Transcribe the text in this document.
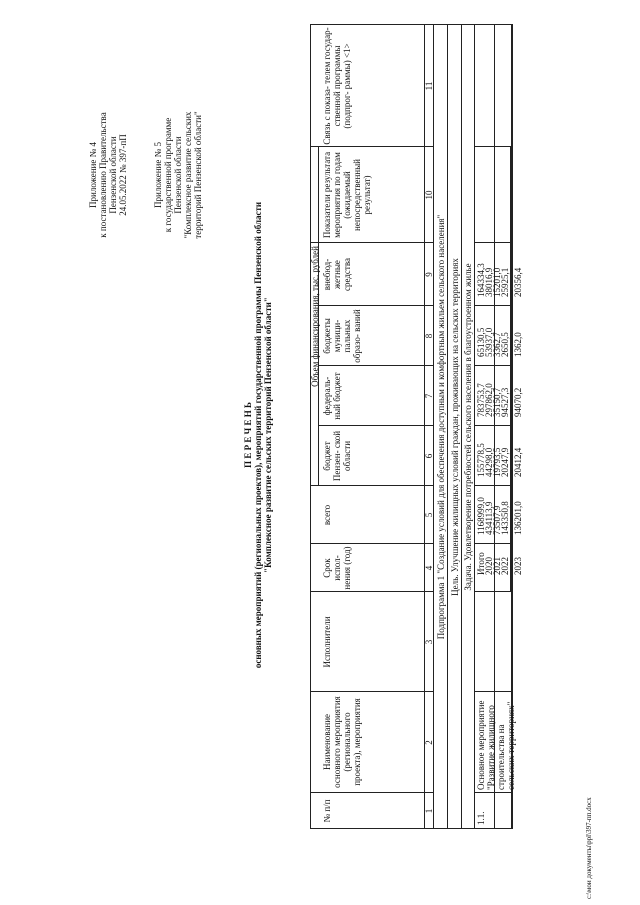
Приложение № 4 к постановлению Правительства Пензенской области 24.05.2022 № 397-пП	Приложение № 5 к государственной программе Пензенской области "Комплексное развитие сельских территорий Пензенской области"
П Е Р Е Ч Е Н Ь основных мероприятий (региональных проектов), мероприятий государственной программы Пензенской области "Комплексное развитие сельских территорий Пензенской области"
№ п/п
Наименование основного мероприятия (регионального проекта), мероприятия
Исполнители
Срок испол- нения (год)
Объем финансирования, тыс. рублей
всего
бюджет Пензен- ской области
федераль- ный бюджет
бюджеты муници- пальных образо- ваний
внебюд- жетные средства
Показатели результата мероприятия по годам (ожидаемый непосредственный результат)
Связь с показа- телем государ- ственной программы (подпрог- раммы) <1>
1
2
3
4
5
6
7
8
9
10
11
Подпрограмма 1 "Создание условий для обеспечения доступным и комфортным жильем сельского населения" Цель. Улучшение жилищных условий граждан, проживающих на сельских территориях Задача. Удовлетворение потребностей сельского населения в благоустроенном жилье
1.1.
Основное мероприятие "Развитие жилищного строительства на сельских территориях"
Итого
1168999,0
155778,5
783753,7
65130,5
164334,3
2020
434113,9
44298,0
297862,0
53937,0
38016,9
2021
73507,9
19793,5
35150,7
3362,7
15201,0
2022
143350,8
20247,9
94527,3
2650,5
25925,1
2023
136201,0
20412,4
94070,2
1362,0
20356,4
c:\мои документы\ppl\397-пп.docx
